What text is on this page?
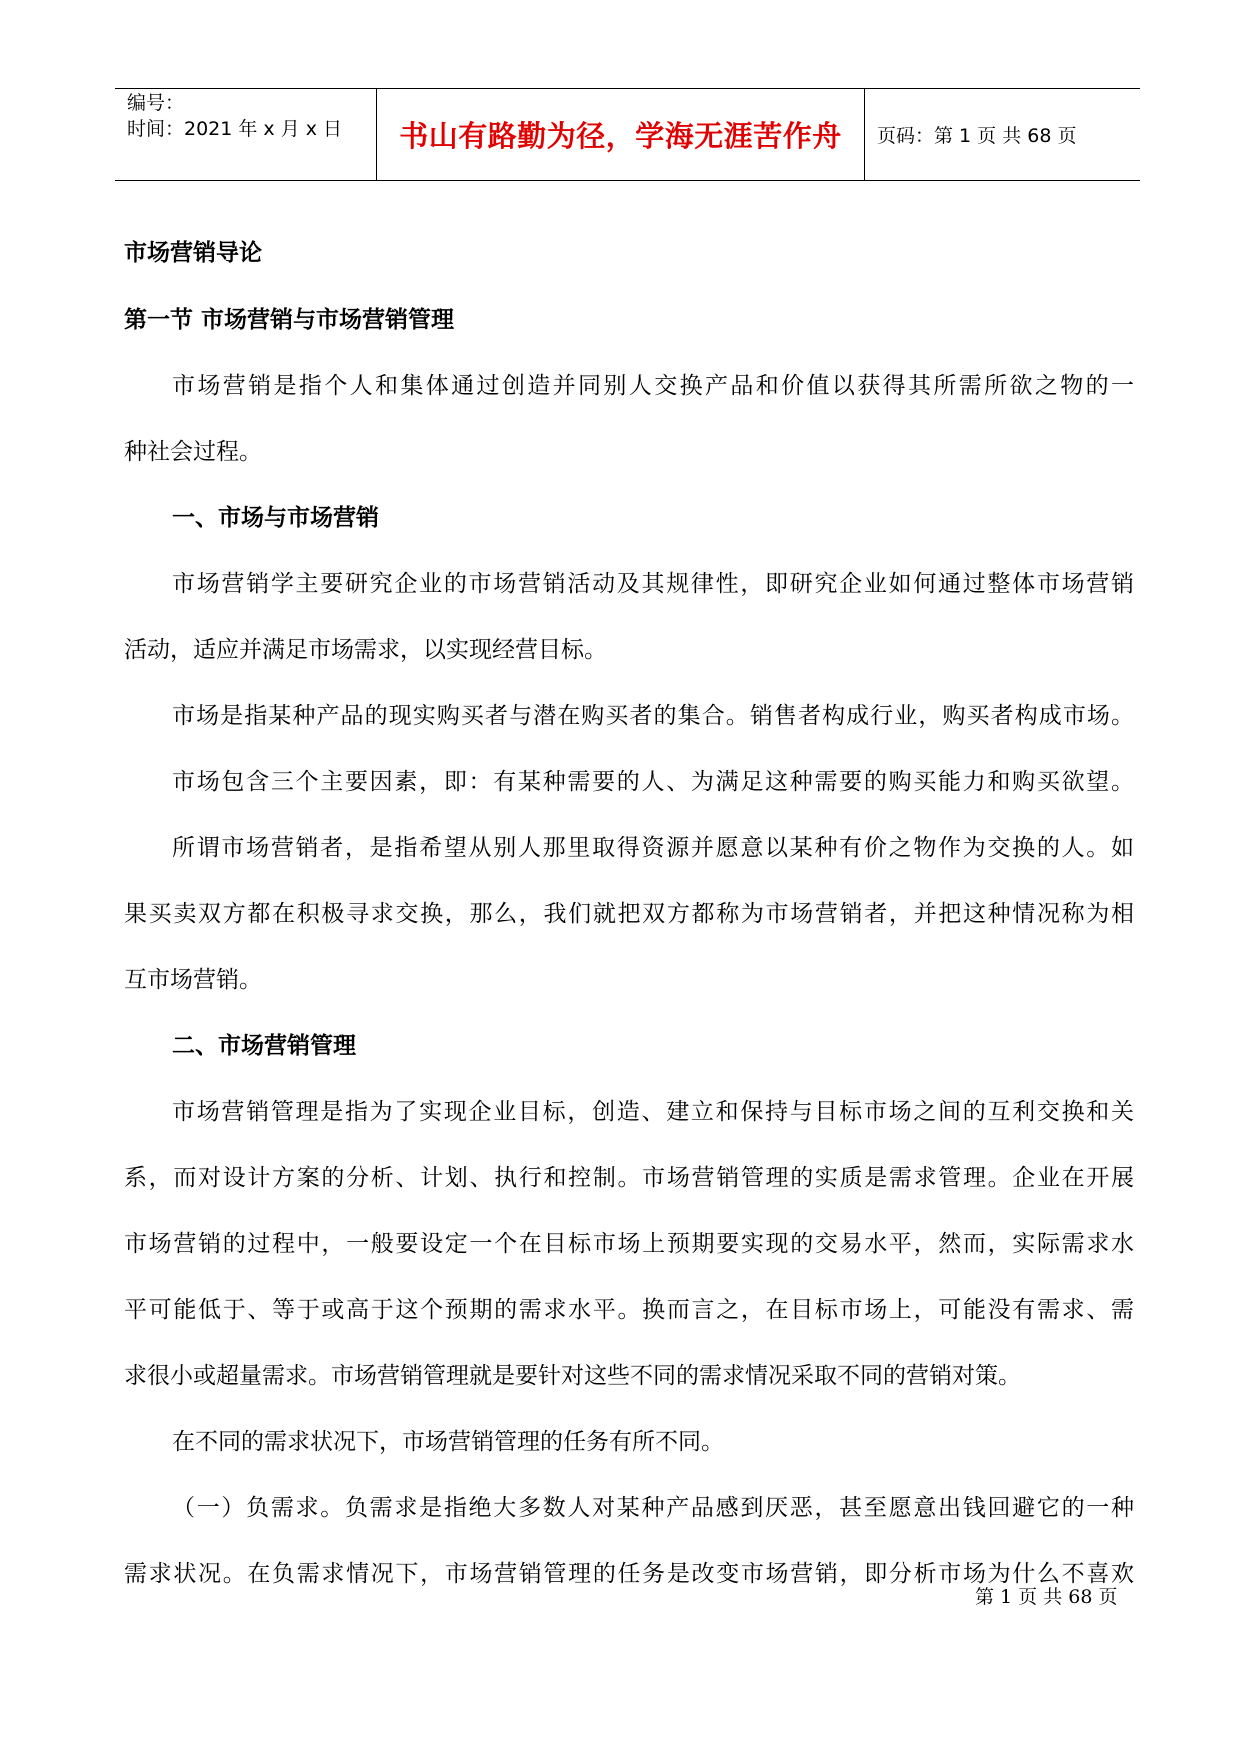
编号：
时间：2021 年 x 月 x 日 书山有路勤为径，学海无涯苦作舟 页码：第 1 页 共 68 页
市场营销导论
第一节 市场营销与市场营销管理
市场营销是指个人和集体通过创造并同别人交换产品和价值以获得其所需所欲之物的一
种社会过程。
一、市场与市场营销
市场营销学主要研究企业的市场营销活动及其规律性，即研究企业如何通过整体市场营销
活动，适应并满足市场需求，以实现经营目标。
市场是指某种产品的现实购买者与潜在购买者的集合。销售者构成行业，购买者构成市场。
市场包含三个主要因素，即：有某种需要的人、为满足这种需要的购买能力和购买欲望。
所谓市场营销者，是指希望从别人那里取得资源并愿意以某种有价之物作为交换的人。如
果买卖双方都在积极寻求交换，那么，我们就把双方都称为市场营销者，并把这种情况称为相
互市场营销。
二、市场营销管理
市场营销管理是指为了实现企业目标，创造、建立和保持与目标市场之间的互利交换和关
系，而对设计方案的分析、计划、执行和控制。市场营销管理的实质是需求管理。企业在开展
市场营销的过程中，一般要设定一个在目标市场上预期要实现的交易水平，然而，实际需求水
平可能低于、等于或高于这个预期的需求水平。换而言之，在目标市场上，可能没有需求、需
求很小或超量需求。市场营销管理就是要针对这些不同的需求情况采取不同的营销对策。
在不同的需求状况下，市场营销管理的任务有所不同。
（一）负需求。负需求是指绝大多数人对某种产品感到厌恶，甚至愿意出钱回避它的一种
需求状况。在负需求情况下，市场营销管理的任务是改变市场营销，即分析市场为什么不喜欢
第 1 页 共 68 页
